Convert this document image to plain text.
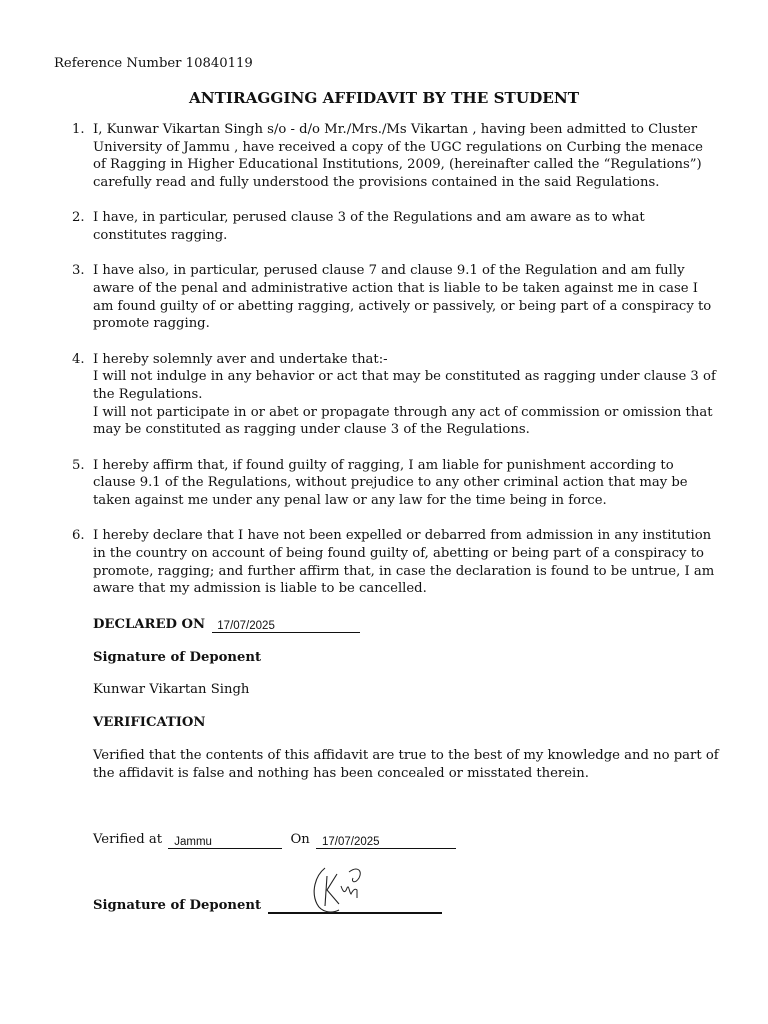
Reference Number 10840119
ANTIRAGGING AFFIDAVIT BY THE STUDENT
1. I, Kunwar Vikartan Singh s/o - d/o Mr./Mrs./Ms Vikartan , having been admitted to Cluster University of Jammu , have received a copy of the UGC regulations on Curbing the menace of Ragging in Higher Educational Institutions, 2009, (hereinafter called the “Regulations”) carefully read and fully understood the provisions contained in the said Regulations.

2. I have, in particular, perused clause 3 of the Regulations and am aware as to what constitutes ragging.

3. I have also, in particular, perused clause 7 and clause 9.1 of the Regulation and am fully aware of the penal and administrative action that is liable to be taken against me in case I am found guilty of or abetting ragging, actively or passively, or being part of a conspiracy to promote ragging.

4. I hereby solemnly aver and undertake that:-

I will not indulge in any behavior or act that may be constituted as ragging under clause 3 of the Regulations.

I will not participate in or abet or propagate through any act of commission or omission that may be constituted as ragging under clause 3 of the Regulations.

5. I hereby affirm that, if found guilty of ragging, I am liable for punishment according to clause 9.1 of the Regulations, without prejudice to any other criminal action that may be taken against me under any penal law or any law for the time being in force.

6. I hereby declare that I have not been expelled or debarred from admission in any institution in the country on account of being found guilty of, abetting or being part of a conspiracy to promote, ragging; and further affirm that, in case the declaration is found to be untrue, I am aware that my admission is liable to be cancelled.

DECLARED ON 17/07/2025
Signature of Deponent
Kunwar Vikartan Singh
VERIFICATION
Verified that the contents of this affidavit are true to the best of my knowledge and no part of the affidavit is false and nothing has been concealed or misstated therein.
Verified at Jammu	On 17/07/2025
Signature of Deponent
